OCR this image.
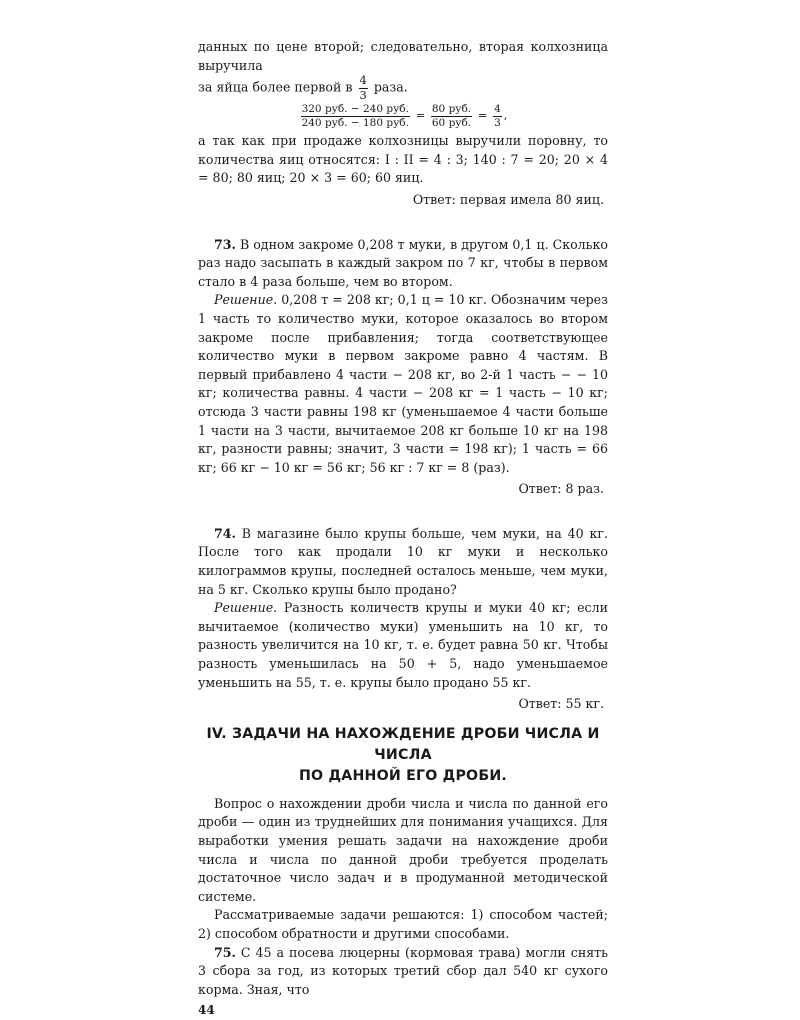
данных по цене второй; следовательно, вторая колхозница выручила

за яйца более первой в $\frac{4}{3}$ раза.

$\frac{\text{320 руб. − 240 руб.}}{\text{240 руб. − 180 руб.}} = \frac{\text{80 руб.}}{\text{60 руб.}} = \frac{4}{3}$ ,

а так как при продаже колхозницы выручили поровну, то количества яиц относятся: I : II = 4 : 3; 140 : 7 = 20; 20 × 4 = 80; 80 яиц; 20 × 3 = 60; 60 яиц.

Ответ: первая имела 80 яиц.

73. В одном закроме 0,208 т муки, в другом 0,1 ц. Сколько раз надо засыпать в каждый закром по 7 кг, чтобы в первом стало в 4 раза больше, чем во втором.

Решение. 0,208 т = 208 кг; 0,1 ц = 10 кг. Обозначим через 1 часть то количество муки, которое оказалось во втором закроме после прибавления; тогда соответствующее количество муки в первом закроме равно 4 частям. В первый прибавлено 4 части − 208 кг, во 2-й 1 часть − − 10 кг; количества равны. 4 части − 208 кг = 1 часть − 10 кг; отсюда 3 части равны 198 кг (уменьшаемое 4 части больше 1 части на 3 части, вычитаемое 208 кг больше 10 кг на 198 кг, разности равны; значит, 3 части = 198 кг); 1 часть = 66 кг; 66 кг − 10 кг = 56 кг; 56 кг : 7 кг = 8 (раз).

Ответ: 8 раз.

74. В магазине было крупы больше, чем муки, на 40 кг. После того как продали 10 кг муки и несколько килограммов крупы, последней осталось меньше, чем муки, на 5 кг. Сколько крупы было продано?

Решение. Разность количеств крупы и муки 40 кг; если вычитаемое (количество муки) уменьшить на 10 кг, то разность увеличится на 10 кг, т. е. будет равна 50 кг. Чтобы разность уменьшилась на 50 + 5, надо уменьшаемое уменьшить на 55, т. е. крупы было продано 55 кг.

Ответ: 55 кг.

IV. ЗАДАЧИ НА НАХОЖДЕНИЕ ДРОБИ ЧИСЛА И ЧИСЛА
ПО ДАННОЙ ЕГО ДРОБИ.

Вопрос о нахождении дроби числа и числа по данной его дроби — один из труднейших для понимания учащихся. Для выработки умения решать задачи на нахождение дроби числа и числа по данной дроби требуется проделать достаточное число задач и в продуманной методической системе.

Рассматриваемые задачи решаются: 1) способом частей; 2) способом обратности и другими способами.

75. С 45 а посева люцерны (кормовая трава) могли снять 3 сбора за год, из которых третий сбор дал 540 кг сухого корма. Зная, что

44
